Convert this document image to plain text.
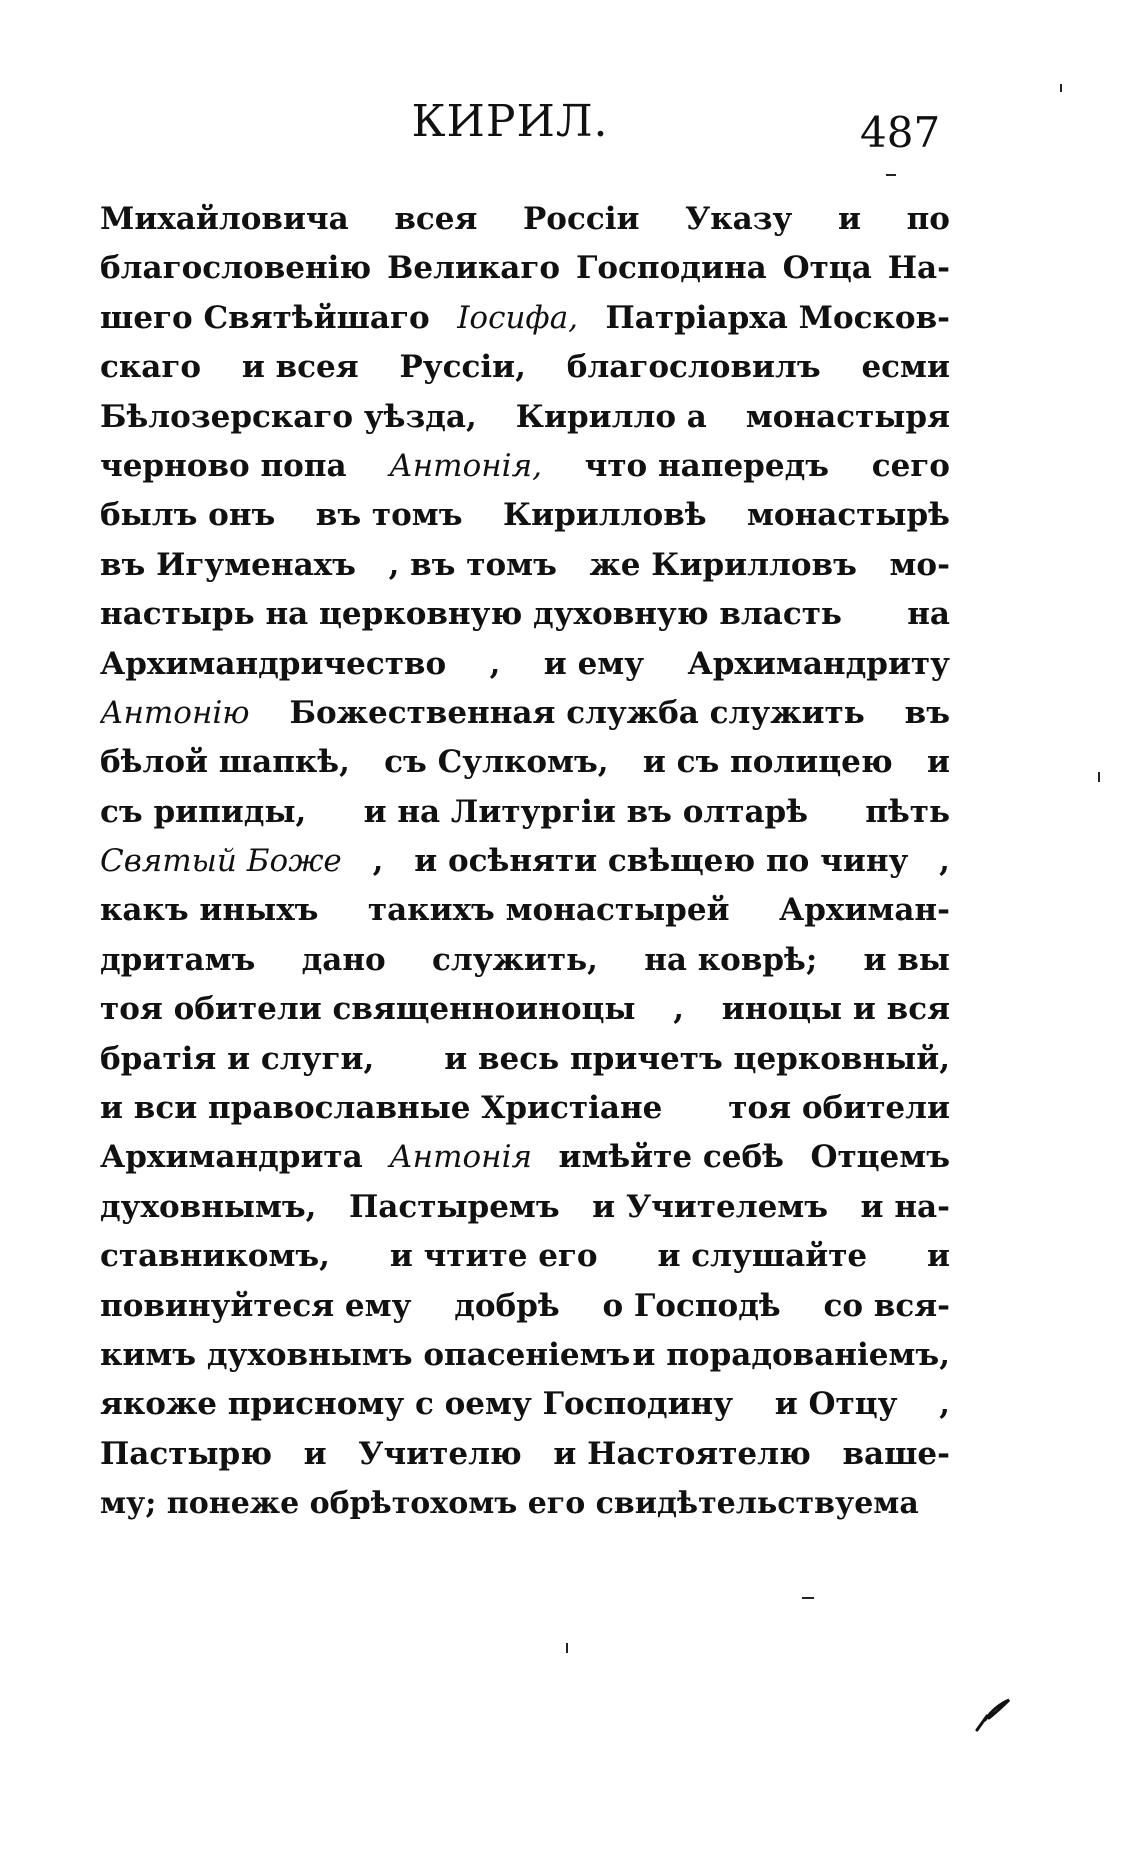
КИРИЛ.	487
Михайловича всея Россіи Указу и по
благословенію Великаго Господина Отца На-
шего Святѣйшаго Іосифа, Патріарха Москов-
скаго и всея Руссіи, благословилъ есми
Бѣлозерскаго уѣзда, Кирилло а монастыря
черново попа Антонія, что напередъ сего
былъ онъ въ томъ Кирилловѣ монастырѣ
въ Игуменахъ , въ томъ же Кирилловъ мо-
настырь на церковную духовную власть на
Архимандричество , и ему Архимандриту
Антонію Божественная служба служить въ
бѣлой шапкѣ, съ Сулкомъ, и съ полицею и
съ рипиды, и на Литургіи въ олтарѣ пѣть
Святый Боже , и осѣняти свѣщею по чину ,
какъ иныхъ такихъ монастырей Архиман-
дритамъ дано служить, на коврѣ; и вы
тоя обители священноиноцы , иноцы и вся
братія и слуги, и весь причетъ церковный,
и вси православные Христіане тоя обители
Архимандрита Антонія имѣйте себѣ Отцемъ
духовнымъ, Пастыремъ и Учителемъ и на-
ставникомъ, и чтите его и слушайте и
повинуйтеся ему добрѣ о Господѣ со вся-
кимъ духовнымъ опасеніемъ и порадованіемъ,
якоже присному с оему Господину и Отцу ,
Пастырю и Учителю и Настоятелю ваше-
му; понеже обрѣтохомъ его свидѣтельствуема
